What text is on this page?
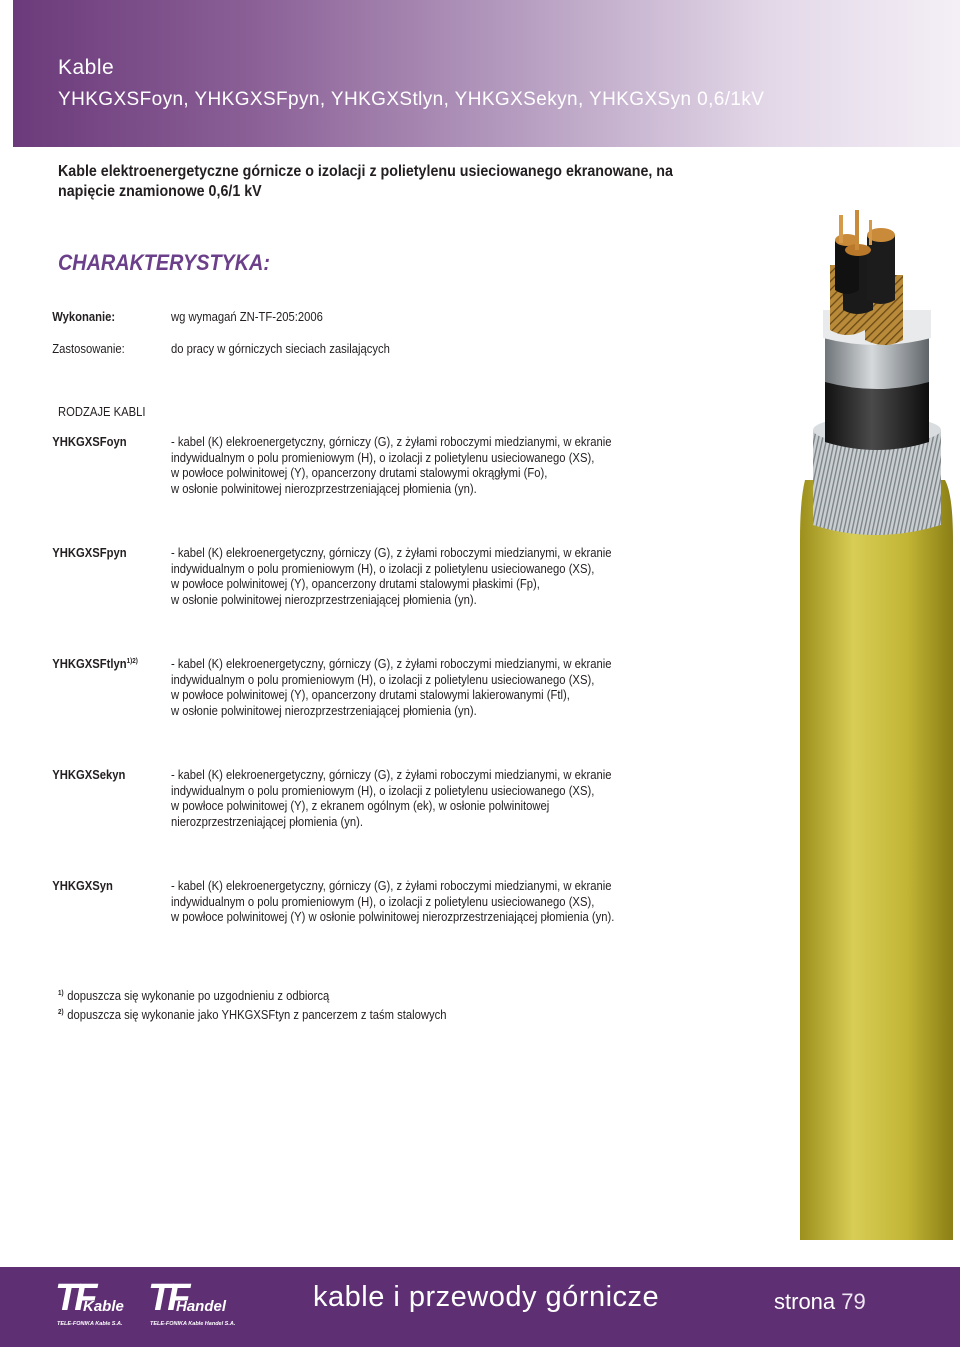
Kable
YHKGXSFoyn, YHKGXSFpyn, YHKGXStlyn, YHKGXSekyn, YHKGXSyn 0,6/1kV
Kable elektroenergetyczne górnicze o izolacji z polietylenu usieciowanego ekranowane, na
napięcie znamionowe 0,6/1 kV
CHARAKTERYSTYKA:
Wykonanie:	wg wymagań ZN-TF-205:2006
Zastosowanie:	do pracy w górniczych sieciach zasilających
RODZAJE KABLI
YHKGXSFoyn	- kabel (K) elekroenergetyczny, górniczy (G), z żyłami roboczymi miedzianymi, w ekranie
indywidualnym o polu promieniowym (H), o izolacji z polietylenu usieciowanego (XS),
w powłoce polwinitowej (Y), opancerzony drutami stalowymi okrągłymi (Fo),
w osłonie polwinitowej nierozprzestrzeniającej płomienia (yn).
YHKGXSFpyn	- kabel (K) elekroenergetyczny, górniczy (G), z żyłami roboczymi miedzianymi, w ekranie
indywidualnym o polu promieniowym (H), o izolacji z polietylenu usieciowanego (XS),
w powłoce polwinitowej (Y), opancerzony drutami stalowymi płaskimi (Fp),
w osłonie polwinitowej nierozprzestrzeniającej płomienia (yn).
YHKGXSFtlyn$^{1)2)}$	- kabel (K) elekroenergetyczny, górniczy (G), z żyłami roboczymi miedzianymi, w ekranie
indywidualnym o polu promieniowym (H), o izolacji z polietylenu usieciowanego (XS),
w powłoce polwinitowej (Y), opancerzony drutami stalowymi lakierowanymi (Ftl),
w osłonie polwinitowej nierozprzestrzeniającej płomienia (yn).
YHKGXSekyn	- kabel (K) elekroenergetyczny, górniczy (G), z żyłami roboczymi miedzianymi, w ekranie
indywidualnym o polu promieniowym (H), o izolacji z polietylenu usieciowanego (XS),
w powłoce polwinitowej (Y), z ekranem ogólnym (ek), w osłonie polwinitowej
nierozprzestrzeniającej płomienia (yn).
YHKGXSyn	- kabel (K) elekroenergetyczny, górniczy (G), z żyłami roboczymi miedzianymi, w ekranie
indywidualnym o polu promieniowym (H), o izolacji z polietylenu usieciowanego (XS),
w powłoce polwinitowej (Y) w osłonie polwinitowej nierozprzestrzeniającej płomienia (yn).
$^{1)}$ dopuszcza się wykonanie po uzgodnieniu z odbiorcą
$^{2)}$ dopuszcza się wykonanie jako YHKGXSFtyn z pancerzem z taśm stalowych
TF
Kable
TELE-FONIKA Kable S.A.
TF
Handel
TELE-FONIKA Kable Handel S.A.
kable i przewody górnicze	strona 79
